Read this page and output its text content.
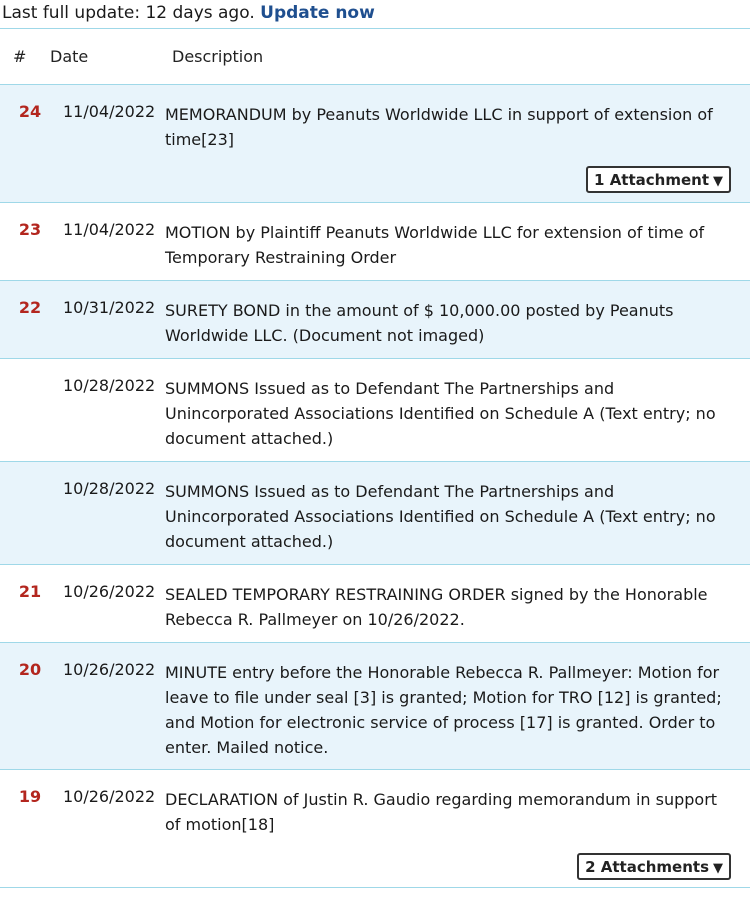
Last full update: 12 days ago. Update now
# Date	Description
24	11/04/2022 MEMORANDUM by Peanuts Worldwide LLC in support of extension of time[23]
1 Attachment ▼
23	11/04/2022 MOTION by Plaintiff Peanuts Worldwide LLC for extension of time of Temporary Restraining Order
22	10/31/2022 SURETY BOND in the amount of $ 10,000.00 posted by Peanuts Worldwide LLC. (Document not imaged)
10/28/2022 SUMMONS Issued as to Defendant The Partnerships and Unincorporated Associations Identified on Schedule A (Text entry; no document attached.)
10/28/2022 SUMMONS Issued as to Defendant The Partnerships and Unincorporated Associations Identified on Schedule A (Text entry; no document attached.)
21	10/26/2022 SEALED TEMPORARY RESTRAINING ORDER signed by the Honorable Rebecca R. Pallmeyer on 10/26/2022.
20	10/26/2022 MINUTE entry before the Honorable Rebecca R. Pallmeyer: Motion for leave to file under seal [3] is granted; Motion for TRO [12] is granted; and Motion for electronic service of process [17] is granted. Order to enter. Mailed notice.
19	10/26/2022 DECLARATION of Justin R. Gaudio regarding memorandum in support of motion[18]
2 Attachments ▼
